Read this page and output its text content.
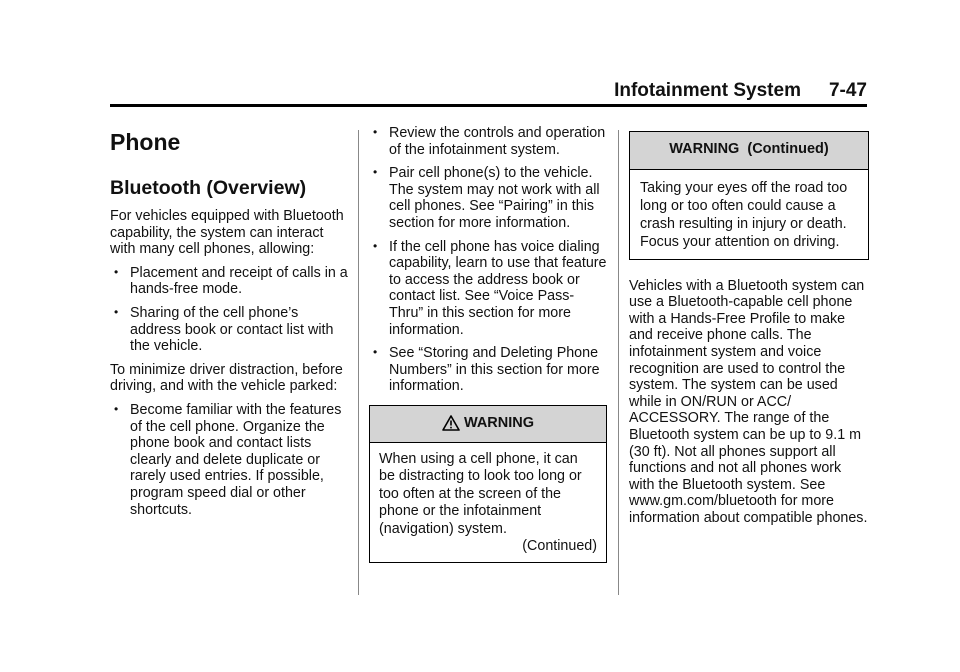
Infotainment System 7-47
Phone
Bluetooth (Overview)

For vehicles equipped with Bluetooth capability, the system can interact with many cell phones, allowing:

• Placement and receipt of calls in a hands-free mode.
• Sharing of the cell phone’s address book or contact list with the vehicle.

To minimize driver distraction, before driving, and with the vehicle parked:

• Become familiar with the features of the cell phone. Organize the phone book and contact lists clearly and delete duplicate or rarely used entries. If possible, program speed dial or other shortcuts.
• Review the controls and operation of the infotainment system.
• Pair cell phone(s) to the vehicle. The system may not work with all cell phones. See “Pairing” in this section for more information.
• If the cell phone has voice dialing capability, learn to use that feature to access the address book or contact list. See “Voice Pass-Thru” in this section for more information.
• See “Storing and Deleting Phone Numbers” in this section for more information.
WARNING
When using a cell phone, it can be distracting to look too long or too often at the screen of the phone or the infotainment (navigation) system.
(Continued)
WARNING  (Continued)
Taking your eyes off the road too long or too often could cause a crash resulting in injury or death. Focus your attention on driving.

Vehicles with a Bluetooth system can use a Bluetooth-capable cell phone with a Hands-Free Profile to make and receive phone calls. The infotainment system and voice recognition are used to control the system. The system can be used while in ON/RUN or ACC/ ACCESSORY. The range of the Bluetooth system can be up to 9.1 m (30 ft). Not all phones support all functions and not all phones work with the Bluetooth system. See www.gm.com/bluetooth for more information about compatible phones.
